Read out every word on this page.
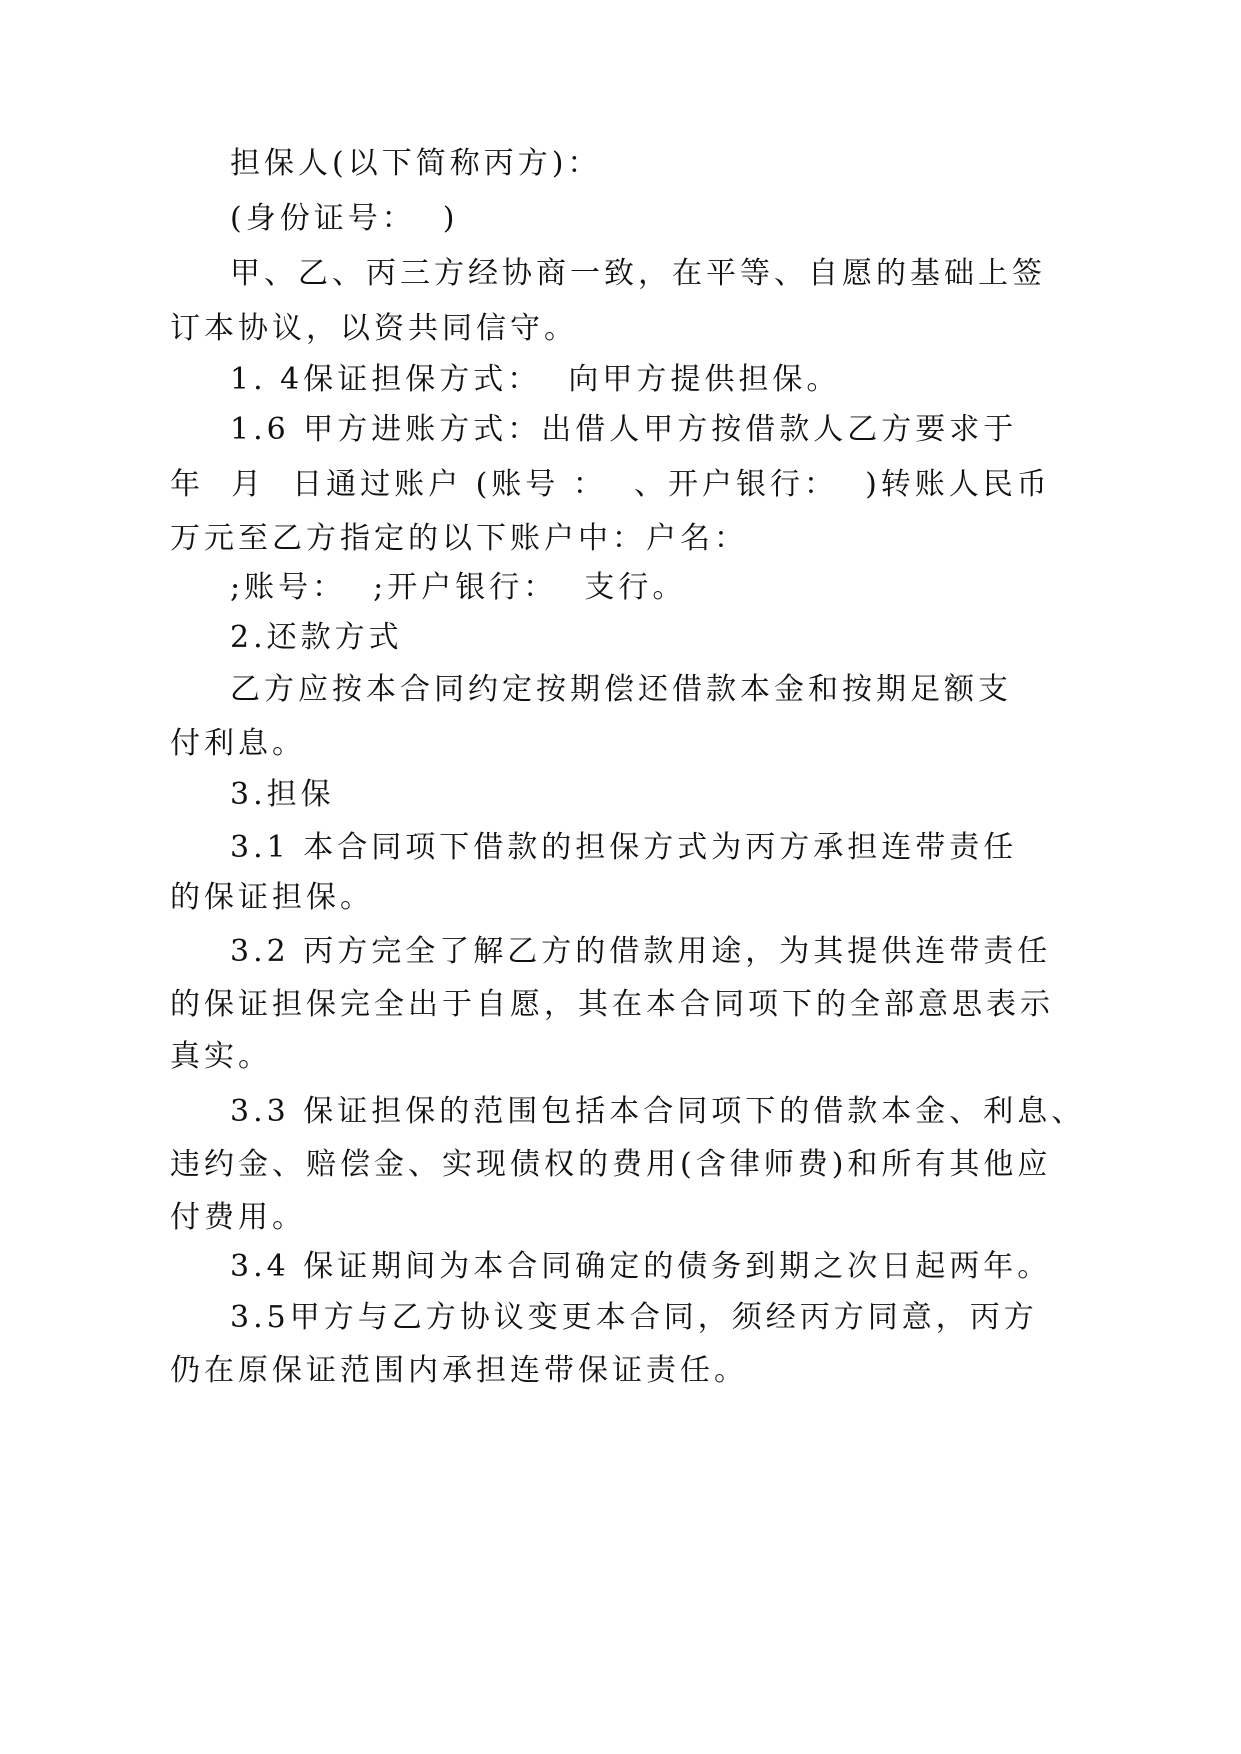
担保人(以下简称丙方)：

(身份证号：  )

甲、乙、丙三方经协商一致，在平等、自愿的基础上签

订本协议，以资共同信守。

1. 4保证担保方式：  向甲方提供担保。

1.6 甲方进账方式：出借人甲方按借款人乙方要求于

年  月  日通过账户 (账号 ：  、开户银行：  )转账人民币

万元至乙方指定的以下账户中：户名：

;账号：  ;开户银行：  支行。

2.还款方式

乙方应按本合同约定按期偿还借款本金和按期足额支

付利息。

3.担保

3.1 本合同项下借款的担保方式为丙方承担连带责任

的保证担保。

3.2 丙方完全了解乙方的借款用途，为其提供连带责任

的保证担保完全出于自愿，其在本合同项下的全部意思表示

真实。

3.3 保证担保的范围包括本合同项下的借款本金、利息、

违约金、赔偿金、实现债权的费用(含律师费)和所有其他应

付费用。

3.4 保证期间为本合同确定的债务到期之次日起两年。

3.5甲方与乙方协议变更本合同，须经丙方同意，丙方

仍在原保证范围内承担连带保证责任。
